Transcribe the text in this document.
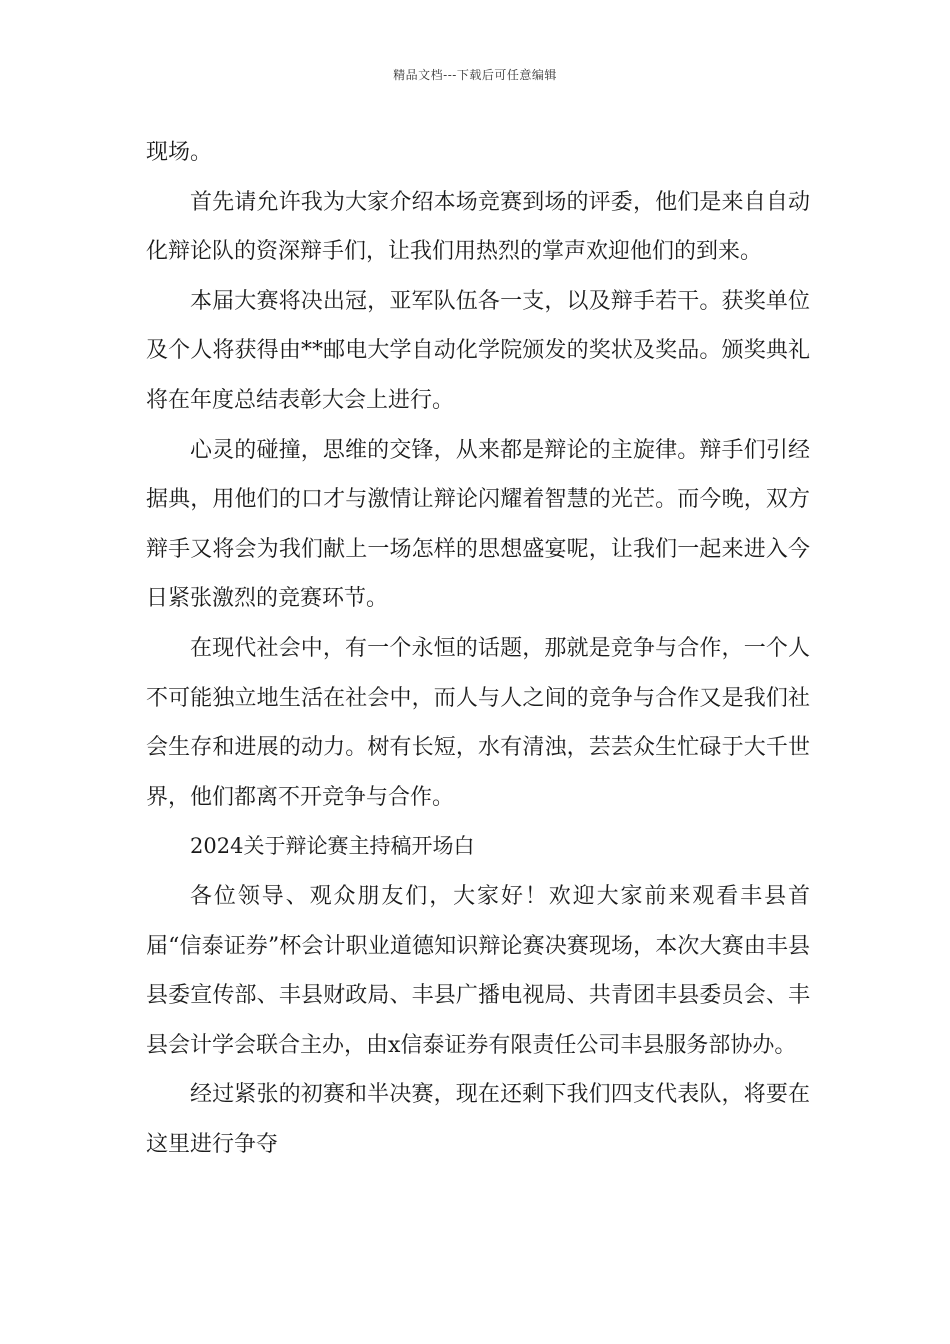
精品文档---下载后可任意编辑

现场。

首先请允许我为大家介绍本场竞赛到场的评委，他们是来自自动化辩论队的资深辩手们，让我们用热烈的掌声欢迎他们的到来。

本届大赛将决出冠，亚军队伍各一支，以及辩手若干。获奖单位及个人将获得由**邮电大学自动化学院颁发的奖状及奖品。颁奖典礼将在年度总结表彰大会上进行。

心灵的碰撞，思维的交锋，从来都是辩论的主旋律。辩手们引经据典，用他们的口才与激情让辩论闪耀着智慧的光芒。而今晚，双方辩手又将会为我们献上一场怎样的思想盛宴呢，让我们一起来进入今日紧张激烈的竞赛环节。

在现代社会中，有一个永恒的话题，那就是竞争与合作，一个人不可能独立地生活在社会中，而人与人之间的竞争与合作又是我们社会生存和进展的动力。树有长短，水有清浊，芸芸众生忙碌于大千世界，他们都离不开竞争与合作。

2024关于辩论赛主持稿开场白

各位领导、观众朋友们，大家好！欢迎大家前来观看丰县首届“信泰证券”杯会计职业道德知识辩论赛决赛现场，本次大赛由丰县县委宣传部、丰县财政局、丰县广播电视局、共青团丰县委员会、丰县会计学会联合主办，由x信泰证券有限责任公司丰县服务部协办。

经过紧张的初赛和半决赛，现在还剩下我们四支代表队，将要在这里进行争夺
